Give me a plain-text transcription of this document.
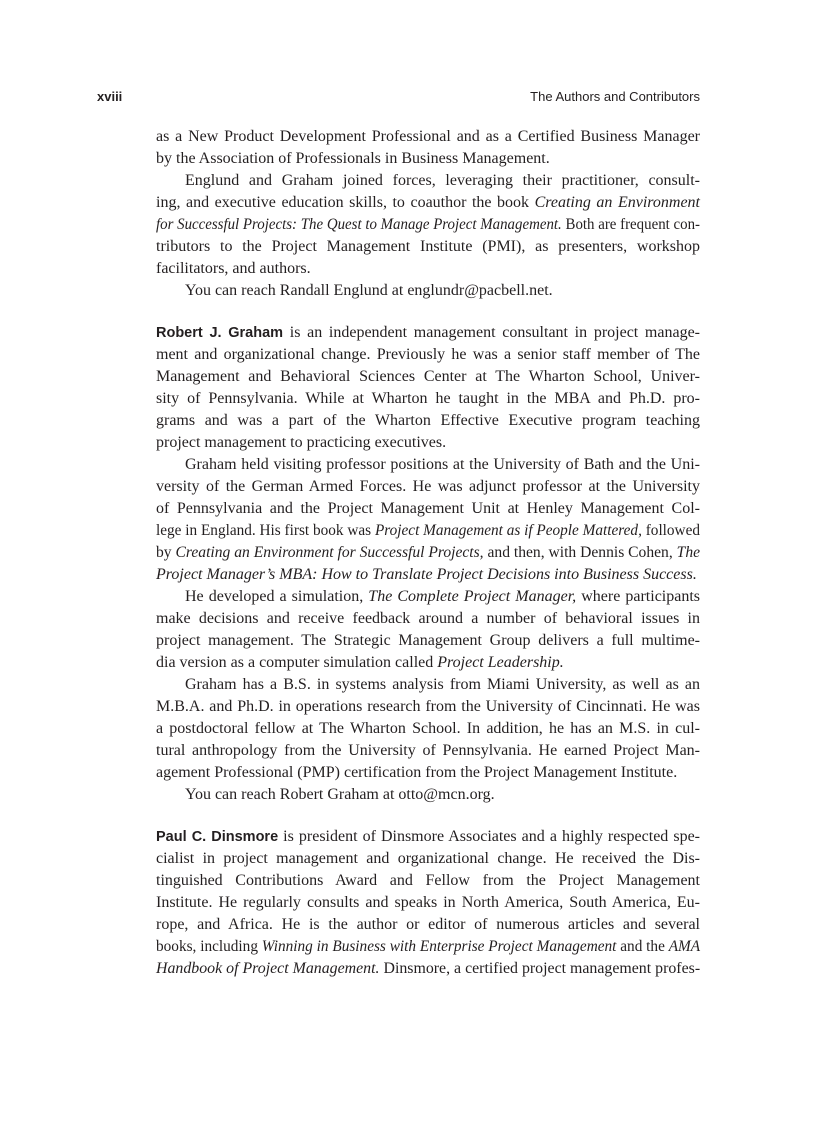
xviii	The Authors and Contributors
as a New Product Development Professional and as a Certified Business Manager
by the Association of Professionals in Business Management.
Englund and Graham joined forces, leveraging their practitioner, consult-
ing, and executive education skills, to coauthor the book Creating an Environment
for Successful Projects: The Quest to Manage Project Management. Both are frequent con-
tributors to the Project Management Institute (PMI), as presenters, workshop
facilitators, and authors.
You can reach Randall Englund at englundr@pacbell.net.
Robert J. Graham is an independent management consultant in project manage-
ment and organizational change. Previously he was a senior staff member of The
Management and Behavioral Sciences Center at The Wharton School, Univer-
sity of Pennsylvania. While at Wharton he taught in the MBA and Ph.D. pro-
grams and was a part of the Wharton Effective Executive program teaching
project management to practicing executives.
Graham held visiting professor positions at the University of Bath and the Uni-
versity of the German Armed Forces. He was adjunct professor at the University
of Pennsylvania and the Project Management Unit at Henley Management Col-
lege in England. His first book was Project Management as if People Mattered, followed
by Creating an Environment for Successful Projects, and then, with Dennis Cohen, The
Project Manager’s MBA: How to Translate Project Decisions into Business Success.
He developed a simulation, The Complete Project Manager, where participants
make decisions and receive feedback around a number of behavioral issues in
project management. The Strategic Management Group delivers a full multime-
dia version as a computer simulation called Project Leadership.
Graham has a B.S. in systems analysis from Miami University, as well as an
M.B.A. and Ph.D. in operations research from the University of Cincinnati. He was
a postdoctoral fellow at The Wharton School. In addition, he has an M.S. in cul-
tural anthropology from the University of Pennsylvania. He earned Project Man-
agement Professional (PMP) certification from the Project Management Institute.
You can reach Robert Graham at otto@mcn.org.
Paul C. Dinsmore is president of Dinsmore Associates and a highly respected spe-
cialist in project management and organizational change. He received the Dis-
tinguished Contributions Award and Fellow from the Project Management
Institute. He regularly consults and speaks in North America, South America, Eu-
rope, and Africa. He is the author or editor of numerous articles and several
books, including Winning in Business with Enterprise Project Management and the AMA
Handbook of Project Management. Dinsmore, a certified project management profes-
